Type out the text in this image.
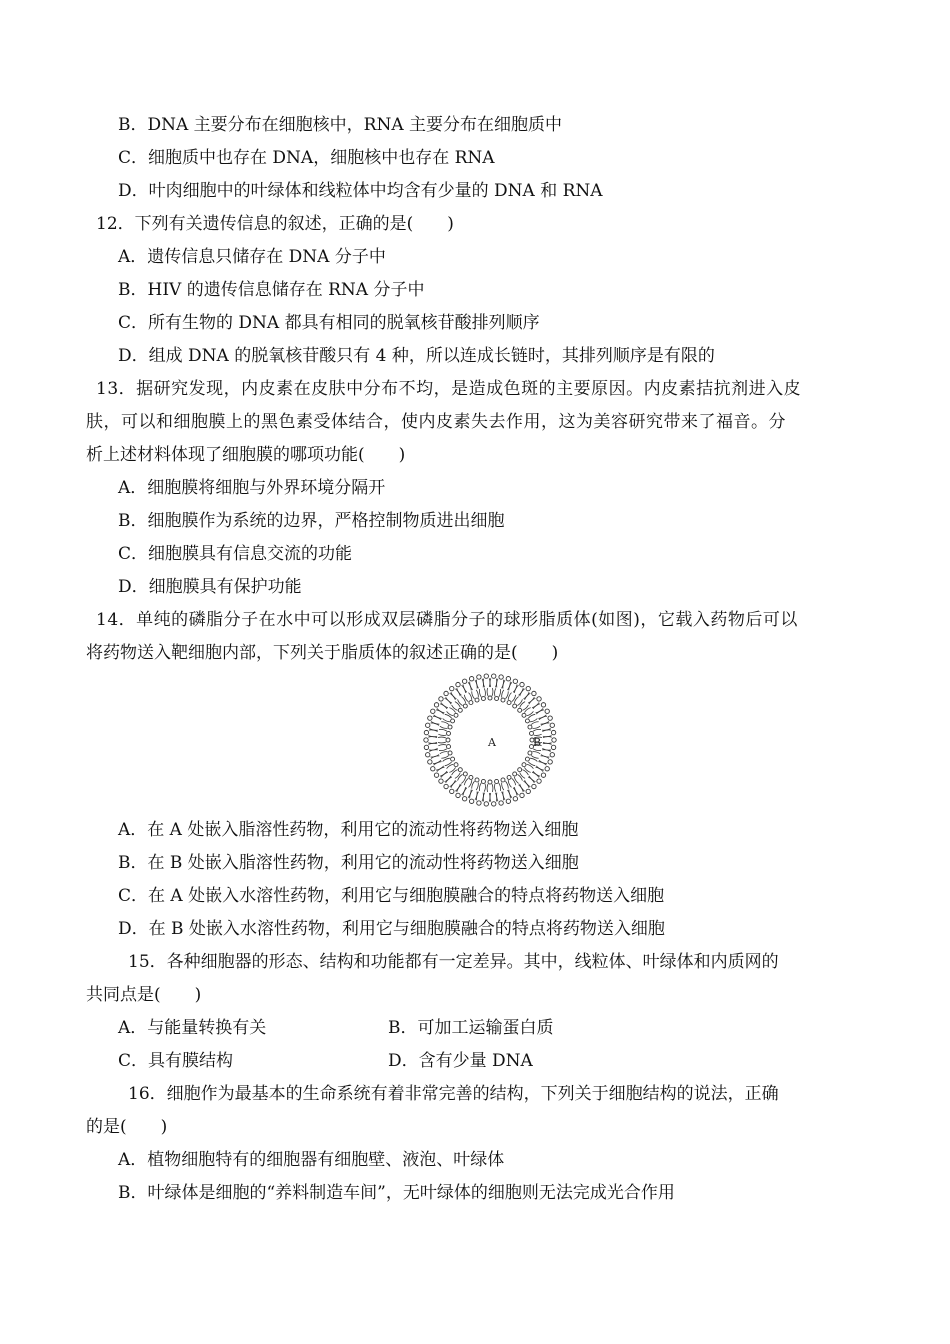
B．DNA 主要分布在细胞核中，RNA 主要分布在细胞质中
C．细胞质中也存在 DNA，细胞核中也存在 RNA
D．叶肉细胞中的叶绿体和线粒体中均含有少量的 DNA 和 RNA
12．下列有关遗传信息的叙述，正确的是(　　)
A．遗传信息只储存在 DNA 分子中
B．HIV 的遗传信息储存在 RNA 分子中
C．所有生物的 DNA 都具有相同的脱氧核苷酸排列顺序
D．组成 DNA 的脱氧核苷酸只有 4 种，所以连成长链时，其排列顺序是有限的
13．据研究发现，内皮素在皮肤中分布不均，是造成色斑的主要原因。内皮素拮抗剂进入皮
肤，可以和细胞膜上的黑色素受体结合，使内皮素失去作用，这为美容研究带来了福音。分
析上述材料体现了细胞膜的哪项功能(　　)
A．细胞膜将细胞与外界环境分隔开
B．细胞膜作为系统的边界，严格控制物质进出细胞
C．细胞膜具有信息交流的功能
D．细胞膜具有保护功能
14．单纯的磷脂分子在水中可以形成双层磷脂分子的球形脂质体(如图)，它载入药物后可以
将药物送入靶细胞内部，下列关于脂质体的叙述正确的是(　　)
A	B
A．在 A 处嵌入脂溶性药物，利用它的流动性将药物送入细胞
B．在 B 处嵌入脂溶性药物，利用它的流动性将药物送入细胞
C．在 A 处嵌入水溶性药物，利用它与细胞膜融合的特点将药物送入细胞
D．在 B 处嵌入水溶性药物，利用它与细胞膜融合的特点将药物送入细胞
15．各种细胞器的形态、结构和功能都有一定差异。其中，线粒体、叶绿体和内质网的
共同点是(　　)
A．与能量转换有关	B．可加工运输蛋白质
C．具有膜结构	D．含有少量 DNA
16．细胞作为最基本的生命系统有着非常完善的结构，下列关于细胞结构的说法，正确
的是(　　)
A．植物细胞特有的细胞器有细胞壁、液泡、叶绿体
B．叶绿体是细胞的“养料制造车间”，无叶绿体的细胞则无法完成光合作用
